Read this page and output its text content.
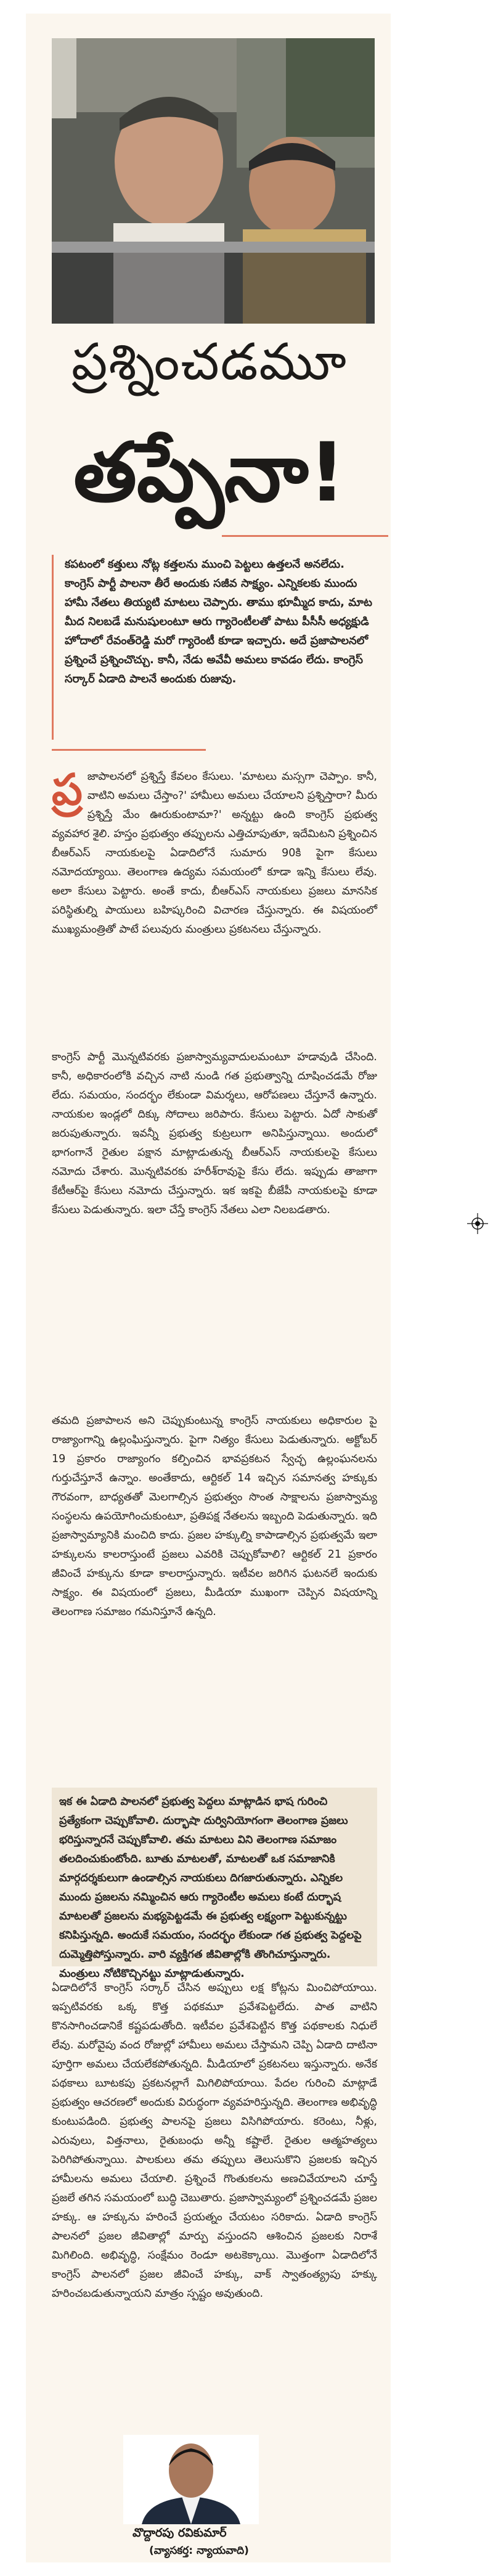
ప్రశ్నించడమూ
తప్పేనా!

కపటంలో కత్తులు నోట్ల కత్తలను ముంచి పెట్టలు ఉత్తలనే అనలేదు. కాంగ్రెస్ పార్టీ పాలనా తీరే అందుకు సజీవ సాక్ష్యం. ఎన్నికలకు ముందు హామీ నేతలు తియ్యటి మాటలు చెప్పారు. తాము భూమ్మీద కాదు, మాట మీద నిలబడే మనుషులంటూ ఆరు గ్యారెంటీలతో పాటు పీసీసీ అధ్యక్షుడి హోదాలో రేవంత్‌రెడ్డి మరో గ్యారెంటీ కూడా ఇచ్చారు. అదే ప్రజాపాలనలో ప్రశ్నించే ప్రశ్నించొచ్చు. కానీ, నేడు అవేవీ అమలు కావడం లేదు. కాంగ్రెస్ సర్కార్ ఏడాది పాలనే అందుకు రుజువు.

ప్ర జాపాలనలో ప్రశ్నిస్తే కేవలం కేసులు. 'మాటలు మస్సగా చెప్పాం. కానీ, వాటిని అమలు చేస్తాం?' హామీలు అమలు చేయాలని ప్రశ్నిస్తారా? మీరు ప్రశ్నిస్తే మేం ఊరుకుంటామా?' అన్నట్టు ఉంది కాంగ్రెస్ ప్రభుత్వ వ్యవహార శైలి. హస్తం ప్రభుత్వం తప్పులను ఎత్తిచూపుతూ, ఇదేమిటని ప్రశ్నించిన బీఆర్‌ఎస్ నాయకులపై ఏడాదిలోనే సుమారు 90కి పైగా కేసులు నమోదయ్యాయి. తెలంగాణ ఉద్యమ సమయంలో కూడా ఇన్ని కేసులు లేవు. అలా కేసులు పెట్టారు. అంతే కాదు, బీఆర్‌ఎస్ నాయకులు ప్రజలు మానసిక పరిస్థితుల్ని పాయులు బహిష్కరించి విచారణ చేస్తున్నారు. ఈ విషయంలో ముఖ్యమంత్రితో పాటే పలువురు మంత్రులు ప్రకటనలు చేస్తున్నారు.

కాంగ్రెస్ పార్టీ మొన్నటివరకు ప్రజాస్వామ్యవాదులమంటూ హడావుడి చేసింది. కానీ, అధికారంలోకి వచ్చిన నాటి నుండి గత ప్రభుత్వాన్ని దూషించడమే రోజు లేదు. సమయం, సందర్భం లేకుండా విమర్శలు, ఆరోపణలు చేస్తూనే ఉన్నారు. నాయకుల ఇండ్లలో దిక్కు సోదాలు జరిపారు. కేసులు పెట్టారు. ఏదో సాకుతో జరుపుతున్నారు. ఇవన్నీ ప్రభుత్వ కుట్రలుగా అనిపిస్తున్నాయి. అందులో భాగంగానే రైతుల పక్షాన మాట్లాడుతున్న బీఆర్‌ఎస్ నాయకులపై కేసులు నమోదు చేశారు. మొన్నటివరకు హరీశ్‌రావుపై కేసు లేదు. ఇప్పుడు తాజాగా కేటీఆర్‌పై కేసులు నమోదు చేస్తున్నారు. ఇక ఇకపై బీజేపీ నాయకులపై కూడా కేసులు పెడుతున్నారు. ఇలా చేస్తే కాంగ్రెస్ నేతలు ఎలా నిలబడతారు.

తమది ప్రజాపాలన అని చెప్పుకుంటున్న కాంగ్రెస్ నాయకులు అధికారుల పై రాజ్యాంగాన్ని ఉల్లంఘిస్తున్నారు. పైగా నిత్యం కేసులు పెడుతున్నారు. అక్టోబర్ 19 ప్రకారం రాజ్యాంగం కల్పించిన భావప్రకటన స్వేచ్ఛ ఉల్లంఘనలను గుర్తుచేస్తూనే ఉన్నాం. అంతేకాదు, ఆర్టికల్ 14 ఇచ్చిన సమానత్వ హక్కుకు గౌరవంగా, బాధ్యతతో మెలగాల్సిన ప్రభుత్వం సొంత సాక్షాలను ప్రజాస్వామ్య సంస్థలను ఉపయోగించుకుంటూ, ప్రతిపక్ష నేతలను ఇబ్బంది పెడుతున్నారు. ఇది ప్రజాస్వామ్యానికి మంచిది కాదు. ప్రజల హక్కుల్ని కాపాడాల్సిన ప్రభుత్వమే ఇలా హక్కులను కాలరాస్తుంటే ప్రజలు ఎవరికి చెప్పుకోవాలి? ఆర్టికల్ 21 ప్రకారం జీవించే హక్కును కూడా కాలరాస్తున్నారు. ఇటీవల జరిగిన ఘటనలే ఇందుకు సాక్ష్యం. ఈ విషయంలో ప్రజలు, మీడియా ముఖంగా చెప్పిన విషయాన్ని తెలంగాణ సమాజం గమనిస్తూనే ఉన్నది.

ఇక ఈ ఏడాది పాలనలో ప్రభుత్వ పెద్దలు మాట్లాడిన భాష గురించి ప్రత్యేకంగా చెప్పుకోవాలి. దుర్భాషా దుర్వినియోగంగా తెలంగాణ ప్రజలు భరిస్తున్నారనే చెప్పుకోవాలి. తమ మాటలు విని తెలంగాణ సమాజం తలదించుకుంటోంది. బూతు మాటలతో, మాటలతో ఒక సమాజానికి మార్గదర్శకులుగా ఉండాల్సిన నాయకులు దిగజారుతున్నారు. ఎన్నికల ముందు ప్రజలను నమ్మించిన ఆరు గ్యారెంటీల అమలు కంటే దుర్భాష మాటలతో ప్రజలను మభ్యపెట్టడమే ఈ ప్రభుత్వ లక్ష్యంగా పెట్టుకున్నట్టు కనిపిస్తున్నది. అందుకే సమయం, సందర్భం లేకుండా గత ప్రభుత్వ పెద్దలపై దుమ్మెత్తిపోస్తున్నారు. వారి వ్యక్తిగత జీవితాల్లోకి తొంగిచూస్తున్నారు. మంత్రులు నోటికొచ్చినట్టు మాట్లాడుతున్నారు.

ఏడాదిలోనే కాంగ్రెస్ సర్కార్ చేసిన అప్పులు లక్ష కోట్లను మించిపోయాయి. ఇప్పటివరకు ఒక్క కొత్త పథకమూ ప్రవేశపెట్టలేదు. పాత వాటిని కొనసాగించడానికే కష్టపడుతోంది. ఇటీవల ప్రవేశపెట్టిన కొత్త పథకాలకు నిధులే లేవు. మరోవైపు వంద రోజుల్లో హామీలు అమలు చేస్తామని చెప్పి ఏడాది దాటినా పూర్తిగా అమలు చేయలేకపోతున్నది. మీడియాలో ప్రకటనలు ఇస్తున్నారు. అనేక పథకాలు బూటకపు ప్రకటనల్లాగే మిగిలిపోయాయి. పేదల గురించి మాట్లాడే ప్రభుత్వం ఆచరణలో అందుకు విరుద్ధంగా వ్యవహరిస్తున్నది. తెలంగాణ అభివృద్ధి కుంటుపడింది. ప్రభుత్వ పాలనపై ప్రజలు విసిగిపోయారు. కరెంటు, నీళ్లు, ఎరువులు, విత్తనాలు, రైతుబంధు అన్నీ కష్టాలే. రైతుల ఆత్మహత్యలు పెరిగిపోతున్నాయి. పాలకులు తమ తప్పులు తెలుసుకొని ప్రజలకు ఇచ్చిన హామీలను అమలు చేయాలి. ప్రశ్నించే గొంతుకలను అణచివేయాలని చూస్తే ప్రజలే తగిన సమయంలో బుద్ధి చెబుతారు. ప్రజాస్వామ్యంలో ప్రశ్నించడమే ప్రజల హక్కు. ఆ హక్కును హరించే ప్రయత్నం చేయటం సరికాదు. ఏడాది కాంగ్రెస్ పాలనలో ప్రజల జీవితాల్లో మార్పు వస్తుందని ఆశించిన ప్రజలకు నిరాశే మిగిలింది. అభివృద్ధి, సంక్షేమం రెండూ అటకెక్కాయి. మొత్తంగా ఏడాదిలోనే కాంగ్రెస్ పాలనలో ప్రజల జీవించే హక్కు, వాక్ స్వాతంత్య్రపు హక్కు హరించబడుతున్నాయని మాత్రం స్పష్టం అవుతుంది.

వొద్దారపు రవికుమార్

(వ్యాసకర్త: న్యాయవాది)
